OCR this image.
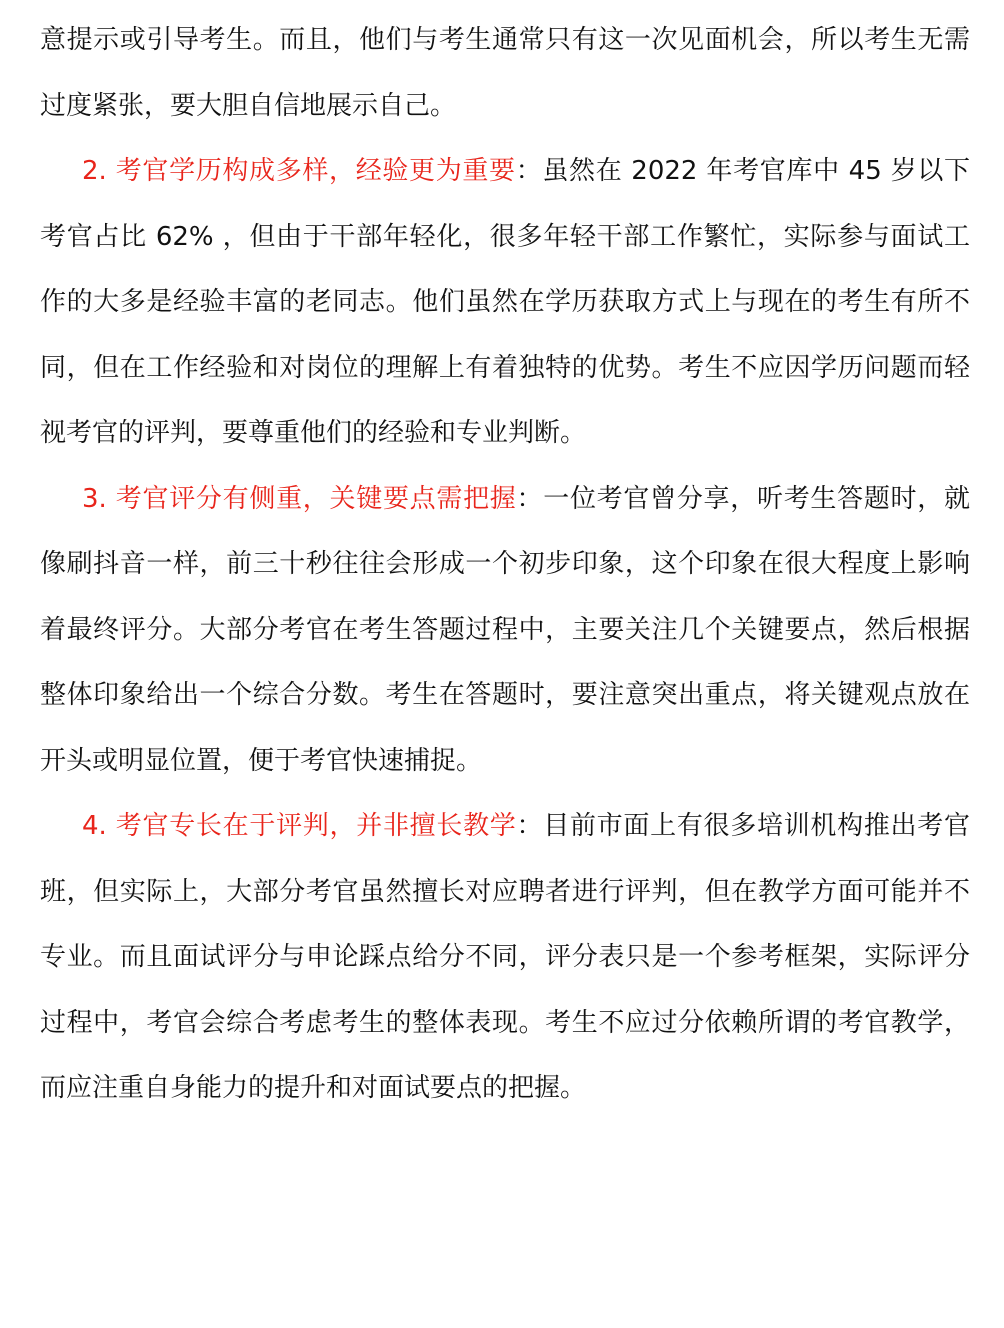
意提示或引导考生。而且，他们与考生通常只有这一次见面机会，所以考生无需过度紧张，要大胆自信地展示自己。

2. 考官学历构成多样，经验更为重要：虽然在 2022 年考官库中 45 岁以下考官占比 62% ，但由于干部年轻化，很多年轻干部工作繁忙，实际参与面试工作的大多是经验丰富的老同志。他们虽然在学历获取方式上与现在的考生有所不同，但在工作经验和对岗位的理解上有着独特的优势。考生不应因学历问题而轻视考官的评判，要尊重他们的经验和专业判断。

3. 考官评分有侧重，关键要点需把握：一位考官曾分享，听考生答题时，就像刷抖音一样，前三十秒往往会形成一个初步印象，这个印象在很大程度上影响着最终评分。大部分考官在考生答题过程中，主要关注几个关键要点，然后根据整体印象给出一个综合分数。考生在答题时，要注意突出重点，将关键观点放在开头或明显位置，便于考官快速捕捉。

4. 考官专长在于评判，并非擅长教学：目前市面上有很多培训机构推出考官班，但实际上，大部分考官虽然擅长对应聘者进行评判，但在教学方面可能并不专业。而且面试评分与申论踩点给分不同，评分表只是一个参考框架，实际评分过程中，考官会综合考虑考生的整体表现。考生不应过分依赖所谓的考官教学，而应注重自身能力的提升和对面试要点的把握。
